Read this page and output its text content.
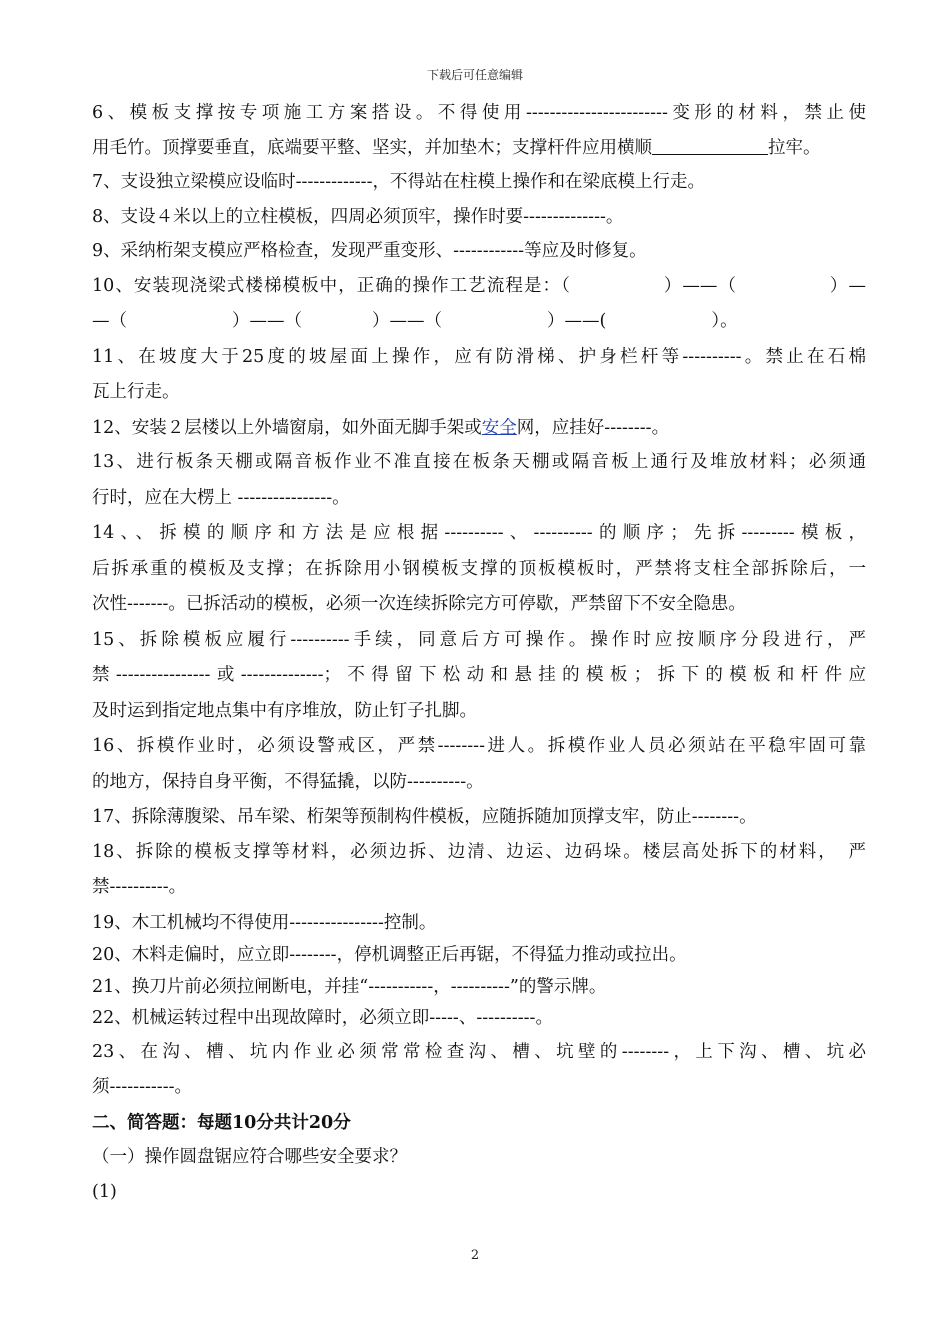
下载后可任意编辑
6、模板支撑按专项施工方案搭设。不得使用------------------------变形的材料，禁止使
用毛竹。顶撑要垂直，底端要平整、坚实，并加垫木；支撑杆件应用横顺	拉牢。
7、支设独立梁模应设临时-------------，不得站在柱模上操作和在梁底模上行走。
8、支设４米以上的立柱模板，四周必须顶牢，操作时要--------------。
9、采纳桁架支模应严格检查，发现严重变形、------------等应及时修复。
10、安装现浇梁式楼梯模板中，正确的操作工艺流程是：（　　　　　）——（　　　　　）—
—（　　　　　　）——（　　　　）——（　　　　　　）——(　　　　　　）。
11、在坡度大于25度的坡屋面上操作，应有防滑梯、护身栏杆等----------。禁止在石棉
瓦上行走。
12、安装２层楼以上外墙窗扇，如外面无脚手架或安全网，应挂好--------。
13、进行板条天棚或隔音板作业不准直接在板条天棚或隔音板上通行及堆放材料；必须通
行时，应在大楞上 ----------------。
14、、拆模的顺序和方法是应根据----------、----------的顺序；先拆---------模板，
后拆承重的模板及支撑；在拆除用小钢模板支撑的顶板模板时，严禁将支柱全部拆除后，一
次性-------。已拆活动的模板，必须一次连续拆除完方可停歇，严禁留下不安全隐患。
15、拆除模板应履行----------手续，同意后方可操作。操作时应按顺序分段进行，严
禁----------------或--------------；不得留下松动和悬挂的模板；拆下的模板和杆件应
及时运到指定地点集中有序堆放，防止钉子扎脚。
16、拆模作业时，必须设警戒区，严禁--------进人。拆模作业人员必须站在平稳牢固可靠
的地方，保持自身平衡，不得猛撬，以防----------。
17、拆除薄腹梁、吊车梁、桁架等预制构件模板，应随拆随加顶撑支牢，防止--------。
18、拆除的模板支撑等材料，必须边拆、边清、边运、边码垛。楼层高处拆下的材料，　严
禁----------。
19、木工机械均不得使用----------------控制。
20、木料走偏时，应立即--------，停机调整正后再锯，不得猛力推动或拉出。
21、换刀片前必须拉闸断电，并挂“-----------，----------”的警示牌。
22、机械运转过程中出现故障时，必须立即-----、----------。
23、在沟、槽、坑内作业必须常常检查沟、槽、坑壁的--------，上下沟、槽、坑必
须-----------。
二、简答题：每题10分共计20分
（一）操作圆盘锯应符合哪些安全要求？
(1)
2
